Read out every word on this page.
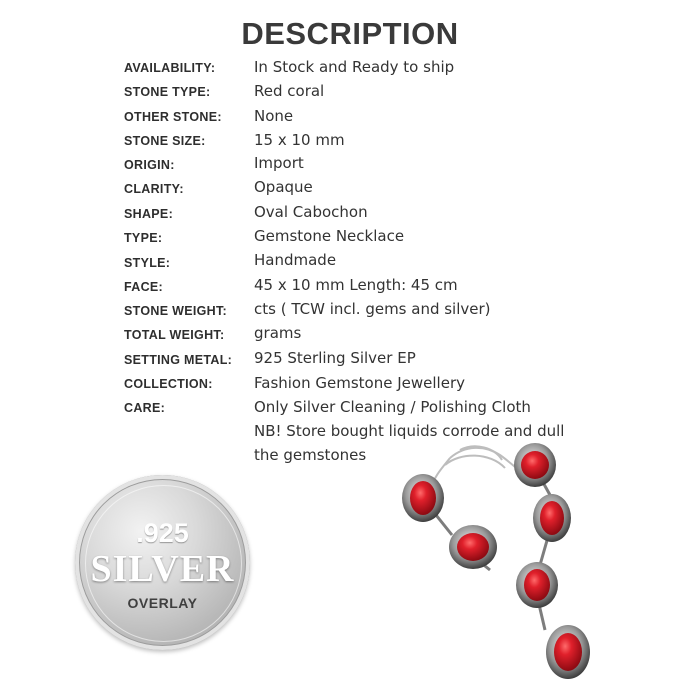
DESCRIPTION
AVAILABILITY:	In Stock and Ready to ship
STONE TYPE:	Red coral
OTHER STONE: None
STONE SIZE:	15 x 10 mm
ORIGIN:	Import
CLARITY:	Opaque
SHAPE:	Oval Cabochon
TYPE:	Gemstone Necklace
STYLE:	Handmade
FACE:	45 x 10 mm Length: 45 cm
STONE WEIGHT: cts ( TCW incl. gems and silver)
TOTAL WEIGHT: grams
SETTING METAL: 925 Sterling Silver EP
COLLECTION:	Fashion Gemstone Jewellery
CARE:	Only Silver Cleaning / Polishing Cloth
NB! Store bought liquids corrode and dull
the gemstones
.925
SILVER
OVERLAY
